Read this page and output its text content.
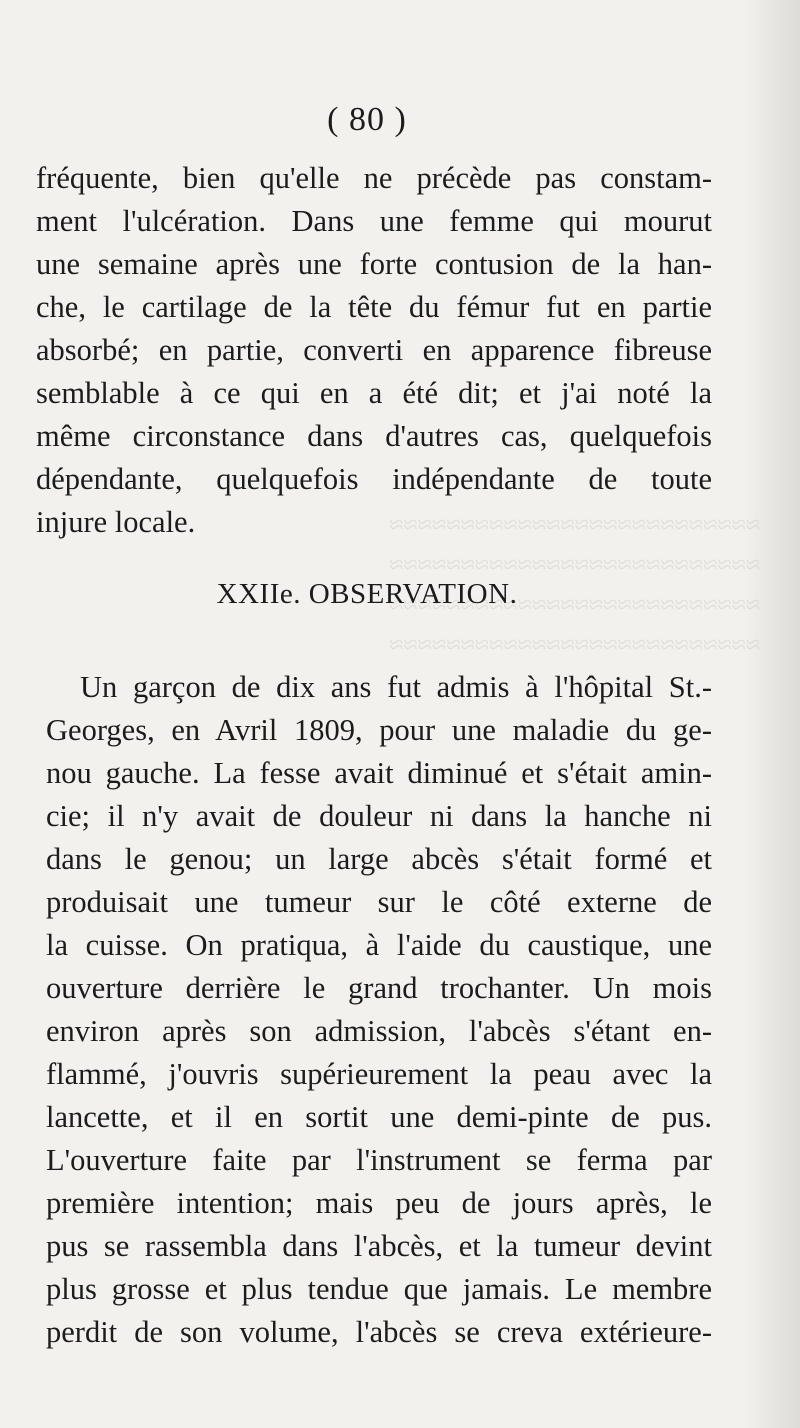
≈≈≈≈≈≈≈≈≈≈≈≈≈≈≈≈≈≈≈≈≈≈≈≈≈≈
≈≈≈≈≈≈≈≈≈≈≈≈≈≈≈≈≈≈≈≈≈≈≈≈≈≈
≈≈≈≈≈≈≈≈≈≈≈≈≈≈≈≈≈≈≈≈≈≈≈≈≈≈
≈≈≈≈≈≈≈≈≈≈≈≈≈≈≈≈≈≈≈≈≈≈≈≈≈≈
( 80 )
fréquente, bien qu'elle ne précède pas constam-
ment l'ulcération. Dans une femme qui mourut
une semaine après une forte contusion de la han-
che, le cartilage de la tête du fémur fut en partie
absorbé; en partie, converti en apparence fibreuse
semblable à ce qui en a été dit; et j'ai noté la
même circonstance dans d'autres cas, quelquefois
dépendante, quelquefois indépendante de toute
injure locale.
XXIIe. OBSERVATION.
Un garçon de dix ans fut admis à l'hôpital St.-
Georges, en Avril 1809, pour une maladie du ge-
nou gauche. La fesse avait diminué et s'était amin-
cie; il n'y avait de douleur ni dans la hanche ni
dans le genou; un large abcès s'était formé et
produisait une tumeur sur le côté externe de
la cuisse. On pratiqua, à l'aide du caustique, une
ouverture derrière le grand trochanter. Un mois
environ après son admission, l'abcès s'étant en-
flammé, j'ouvris supérieurement la peau avec la
lancette, et il en sortit une demi-pinte de pus.
L'ouverture faite par l'instrument se ferma par
première intention; mais peu de jours après, le
pus se rassembla dans l'abcès, et la tumeur devint
plus grosse et plus tendue que jamais. Le membre
perdit de son volume, l'abcès se creva extérieure-
